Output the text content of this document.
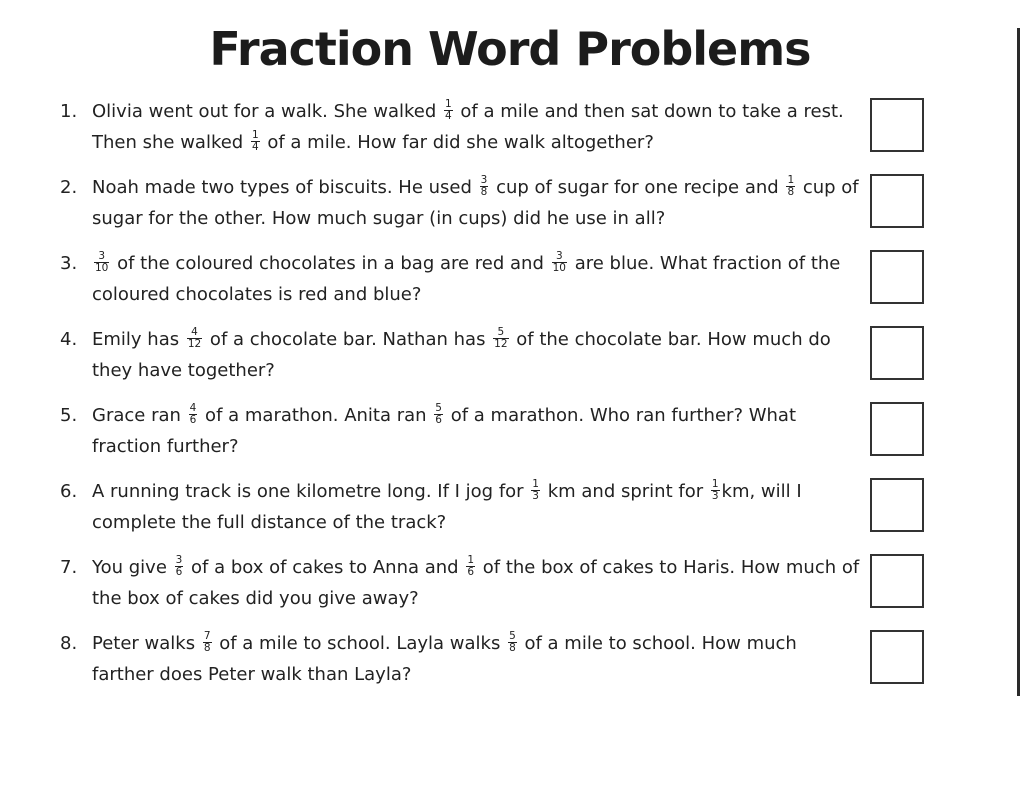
Fraction Word Problems
1. Olivia went out for a walk. She walked $\frac{1}{4}$ of a mile and then sat down to take a rest. Then she walked $\frac{1}{4}$ of a mile. How far did she walk altogether?
2. Noah made two types of biscuits. He used $\frac{3}{8}$ cup of sugar for one recipe and $\frac{1}{8}$ cup of sugar for the other. How much sugar (in cups) did he use in all?
3.	$\frac{3}{10}$ of the coloured chocolates in a bag are red and $\frac{3}{10}$ are blue. What fraction of the coloured chocolates is red and blue?
4. Emily has $\frac{4}{12}$ of a chocolate bar. Nathan has $\frac{5}{12}$ of the chocolate bar. How much do they have together?
5. Grace ran $\frac{4}{6}$ of a marathon. Anita ran $\frac{5}{6}$ of a marathon. Who ran further? What fraction further?
6. A running track is one kilometre long. If I jog for $\frac{1}{3}$ km and sprint for $\frac{1}{3}$ km, will I complete the full distance of the track?
7. You give $\frac{3}{6}$ of a box of cakes to Anna and $\frac{1}{6}$ of the box of cakes to Haris. How much of the box of cakes did you give away?
8. Peter walks $\frac{7}{8}$ of a mile to school. Layla walks $\frac{5}{8}$ of a mile to school. How much farther does Peter walk than Layla?
